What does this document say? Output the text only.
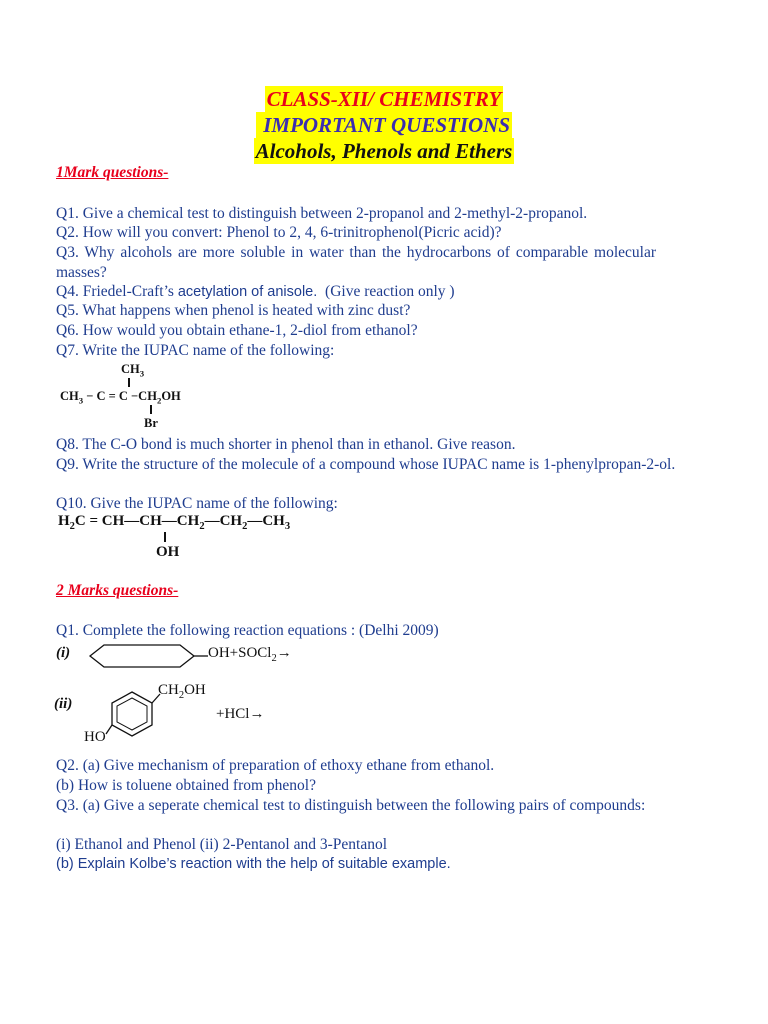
CLASS-XII/ CHEMISTRY
IMPORTANT QUESTIONS
Alcohols, Phenols and Ethers
1Mark questions-
Q1. Give a chemical test to distinguish between 2-propanol and 2-methyl-2-propanol.
Q2. How will you convert: Phenol to 2, 4, 6-trinitrophenol(Picric acid)?
Q3. Why alcohols are more soluble in water than the hydrocarbons of comparable molecular masses?
Q4. Friedel-Craft’s acetylation of anisole.  (Give reaction only )
Q5. What happens when phenol is heated with zinc dust?
Q6. How would you obtain ethane-1, 2-diol from ethanol?
Q7. Write the IUPAC name of the following:
$CH_3$
$CH_3 - C = C -CH_2OH$
Br
Q8. The C-O bond is much shorter in phenol than in ethanol. Give reason.
Q9. Write the structure of the molecule of a compound whose IUPAC name is 1-phenylpropan-2-ol.
Q10. Give the IUPAC name of the following:
$H_2C$ = $CH—CH—CH_2—CH_2—CH_3$
OH
2 Marks questions-
Q1. Complete the following reaction equations : (Delhi 2009)
(i)	OH+SOCl$_2$→
(ii)
$CH_2OH$
HO
+HCl→
Q2. (a) Give mechanism of preparation of ethoxy ethane from ethanol.
(b) How is toluene obtained from phenol?
Q3. (a) Give a seperate chemical test to distinguish between the following pairs of compounds:
(i) Ethanol and Phenol (ii) 2-Pentanol and 3-Pentanol
(b) Explain Kolbe’s reaction with the help of suitable example.
